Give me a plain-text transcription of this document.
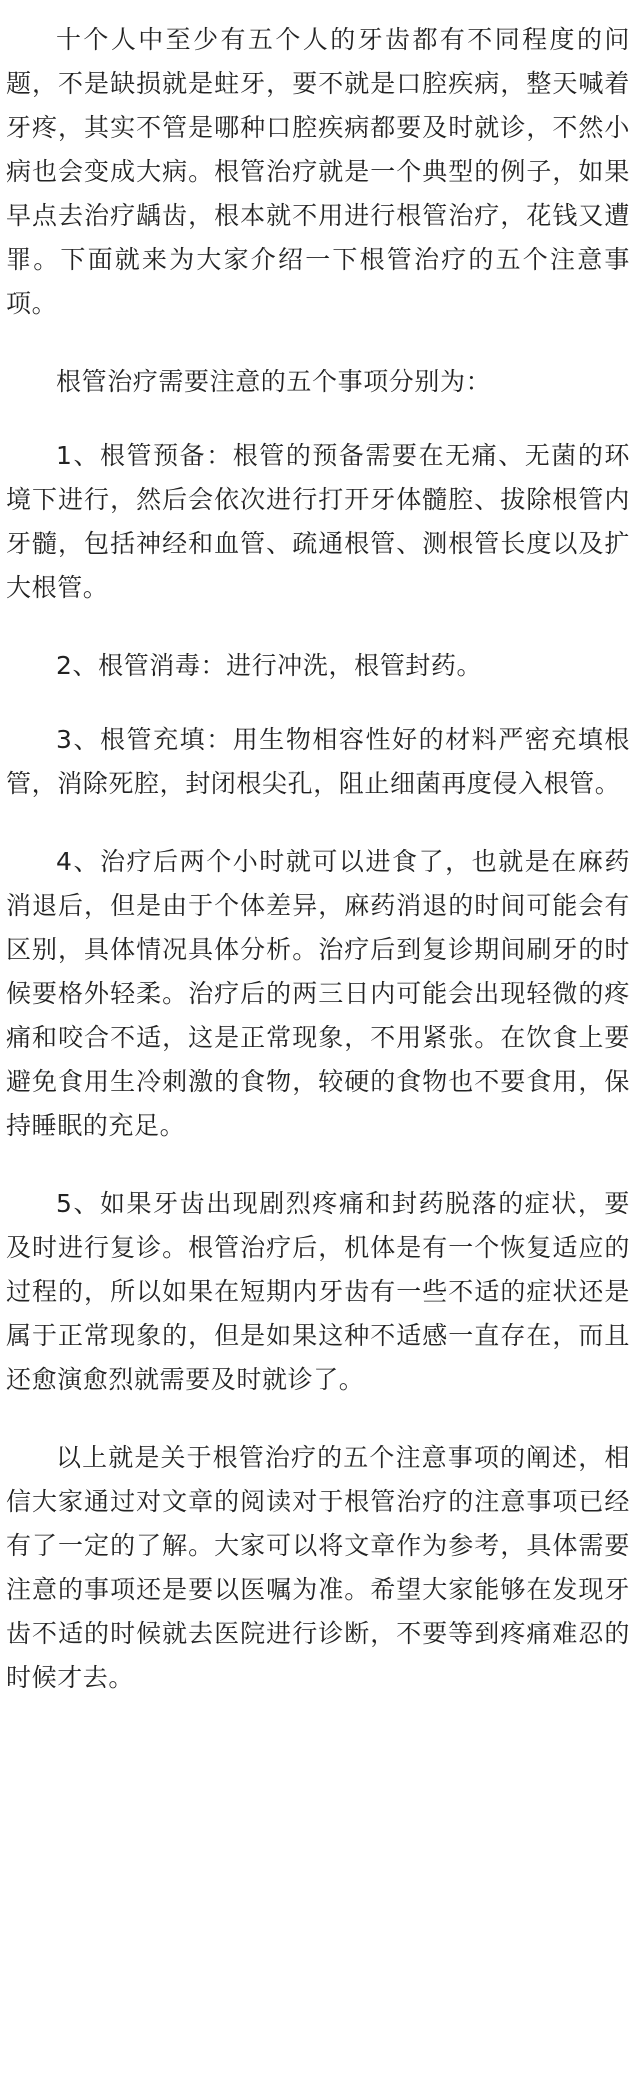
十个人中至少有五个人的牙齿都有不同程度的问题，不是缺损就是蛀牙，要不就是口腔疾病，整天喊着牙疼，其实不管是哪种口腔疾病都要及时就诊，不然小病也会变成大病。根管治疗就是一个典型的例子，如果早点去治疗龋齿，根本就不用进行根管治疗，花钱又遭罪。下面就来为大家介绍一下根管治疗的五个注意事项。

根管治疗需要注意的五个事项分别为：

1、根管预备：根管的预备需要在无痛、无菌的环境下进行，然后会依次进行打开牙体髓腔、拔除根管内牙髓，包括神经和血管、疏通根管、测根管长度以及扩大根管。

2、根管消毒：进行冲洗，根管封药。

3、根管充填：用生物相容性好的材料严密充填根管，消除死腔，封闭根尖孔，阻止细菌再度侵入根管。

4、治疗后两个小时就可以进食了，也就是在麻药消退后，但是由于个体差异，麻药消退的时间可能会有区别，具体情况具体分析。治疗后到复诊期间刷牙的时候要格外轻柔。治疗后的两三日内可能会出现轻微的疼痛和咬合不适，这是正常现象，不用紧张。在饮食上要避免食用生冷刺激的食物，较硬的食物也不要食用，保持睡眠的充足。

5、如果牙齿出现剧烈疼痛和封药脱落的症状，要及时进行复诊。根管治疗后，机体是有一个恢复适应的过程的，所以如果在短期内牙齿有一些不适的症状还是属于正常现象的，但是如果这种不适感一直存在，而且还愈演愈烈就需要及时就诊了。

以上就是关于根管治疗的五个注意事项的阐述，相信大家通过对文章的阅读对于根管治疗的注意事项已经有了一定的了解。大家可以将文章作为参考，具体需要注意的事项还是要以医嘱为准。希望大家能够在发现牙齿不适的时候就去医院进行诊断，不要等到疼痛难忍的时候才去。
